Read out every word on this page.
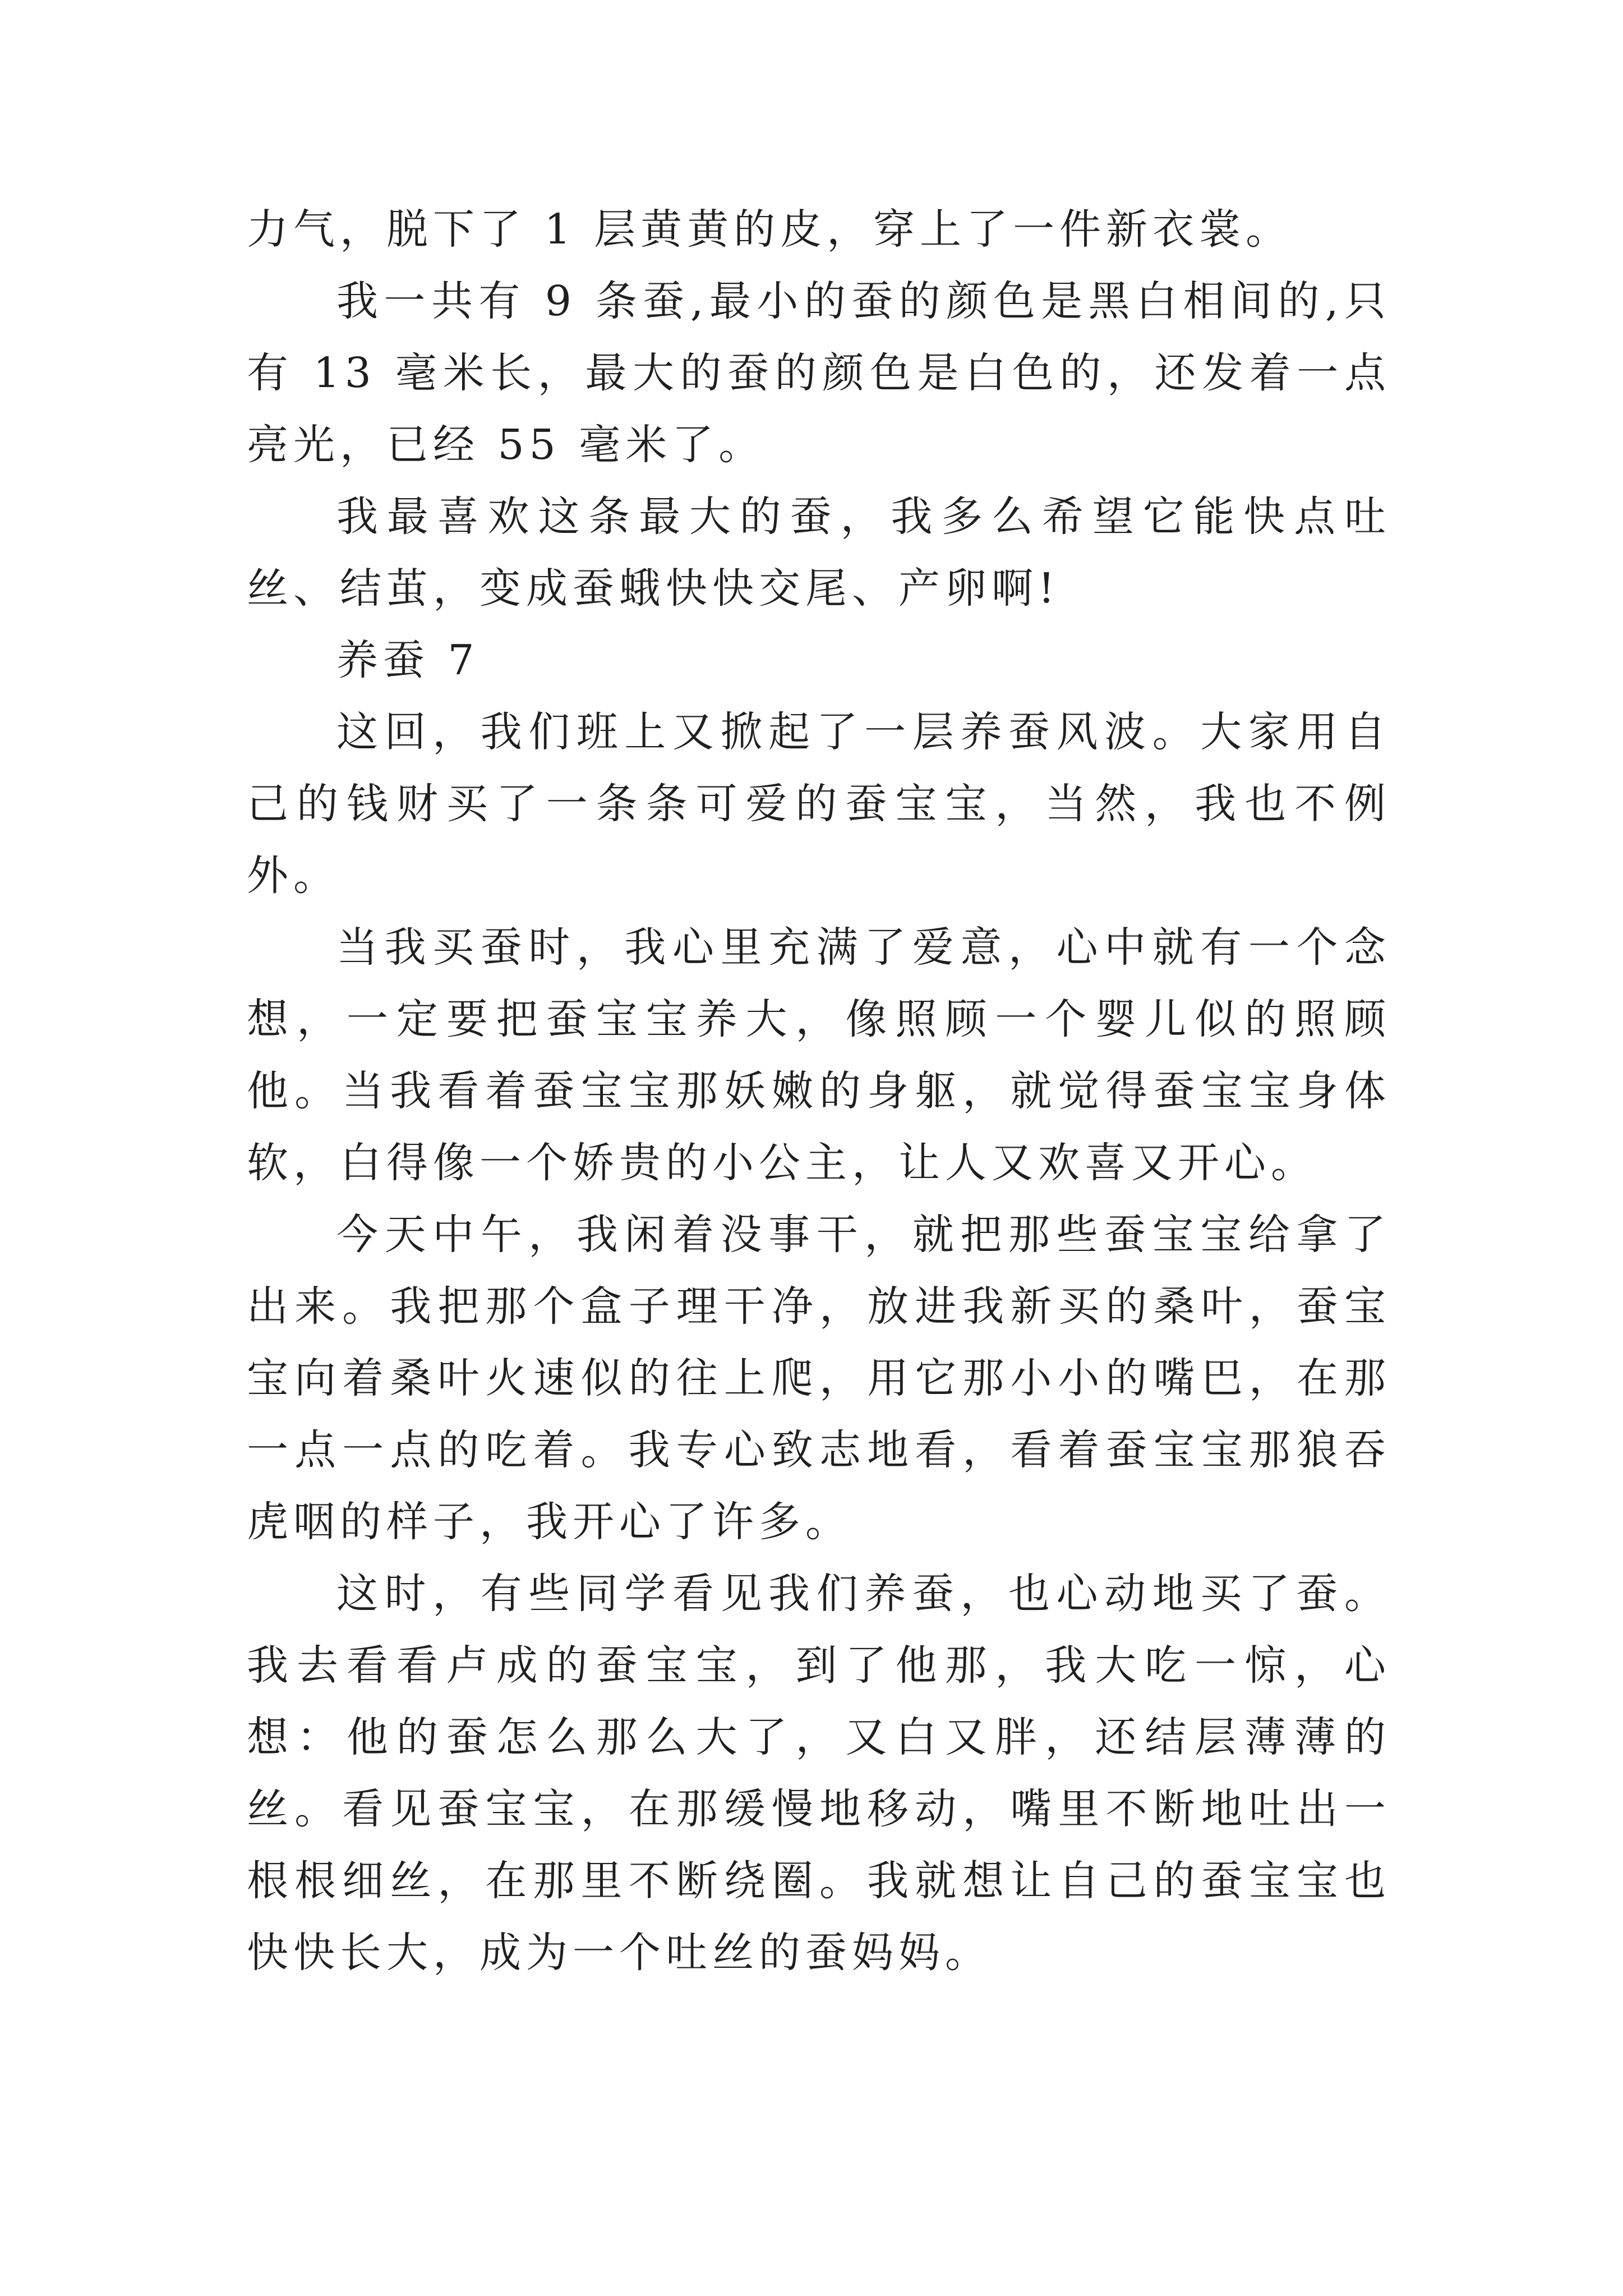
力气，脱下了 1 层黄黄的皮，穿上了一件新衣裳。

我一共有 9 条蚕,最小的蚕的颜色是黑白相间的,只有 13 毫米长，最大的蚕的颜色是白色的，还发着一点亮光，已经 55 毫米了。

我最喜欢这条最大的蚕，我多么希望它能快点吐丝、结茧，变成蚕蛾快快交尾、产卵啊!

养蚕 7

这回，我们班上又掀起了一层养蚕风波。大家用自己的钱财买了一条条可爱的蚕宝宝，当然，我也不例外。

当我买蚕时，我心里充满了爱意，心中就有一个念想，一定要把蚕宝宝养大，像照顾一个婴儿似的照顾他。当我看着蚕宝宝那妖嫩的身躯，就觉得蚕宝宝身体软，白得像一个娇贵的小公主，让人又欢喜又开心。

今天中午，我闲着没事干，就把那些蚕宝宝给拿了出来。我把那个盒子理干净，放进我新买的桑叶，蚕宝宝向着桑叶火速似的往上爬，用它那小小的嘴巴，在那一点一点的吃着。我专心致志地看，看着蚕宝宝那狼吞虎咽的样子，我开心了许多。

这时，有些同学看见我们养蚕，也心动地买了蚕。我去看看卢成的蚕宝宝，到了他那，我大吃一惊，心想：他的蚕怎么那么大了，又白又胖，还结层薄薄的丝。看见蚕宝宝，在那缓慢地移动，嘴里不断地吐出一根根细丝，在那里不断绕圈。我就想让自己的蚕宝宝也快快长大，成为一个吐丝的蚕妈妈。
